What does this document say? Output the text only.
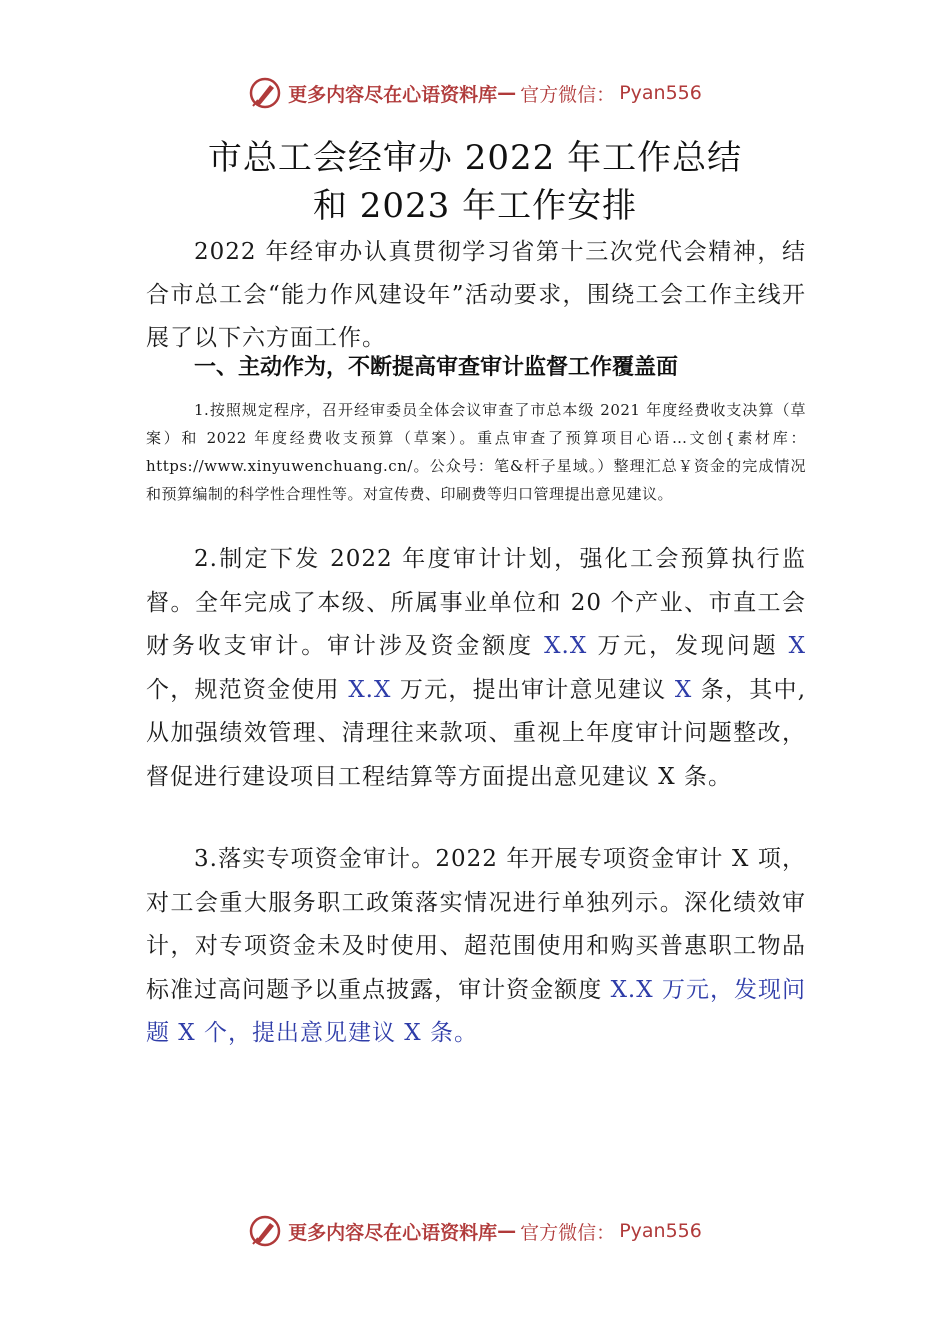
更多内容尽在心语资料库 — 官方微信： Pyan556
市总工会经审办 2022 年工作总结
和 2023 年工作安排

2022 年经审办认真贯彻学习省第十三次党代会精神，结合市总工会“能力作风建设年”活动要求，围绕工会工作主线开展了以下六方面工作。

一、主动作为，不断提高审查审计监督工作覆盖面

1.按照规定程序，召开经审委员全体会议审查了市总本级 2021 年度经费收支决算（草案）和 2022 年度经费收支预算（草案）。重点审查了预算项目心语…文创{素材库：https://www.xinyuwenchuang.cn/。公众号：笔&杆子星域。）整理汇总￥资金的完成情况和预算编制的科学性合理性等。对宣传费、印刷费等归口管理提出意见建议。

2.制定下发 2022 年度审计计划，强化工会预算执行监督。全年完成了本级、所属事业单位和 20 个产业、市直工会财务收支审计。审计涉及资金额度 X.X 万元，发现问题 X 个，规范资金使用 X.X 万元，提出审计意见建议 X 条，其中,从加强绩效管理、清理往来款项、重视上年度审计问题整改，督促进行建设项目工程结算等方面提出意见建议 X 条。

3.落实专项资金审计。2022 年开展专项资金审计 X 项，对工会重大服务职工政策落实情况进行单独列示。深化绩效审计，对专项资金未及时使用、超范围使用和购买普惠职工物品标准过高问题予以重点披露，审计资金额度 X.X 万元，发现问题 X 个，提出意见建议 X 条。

更多内容尽在心语资料库 — 官方微信： Pyan556
